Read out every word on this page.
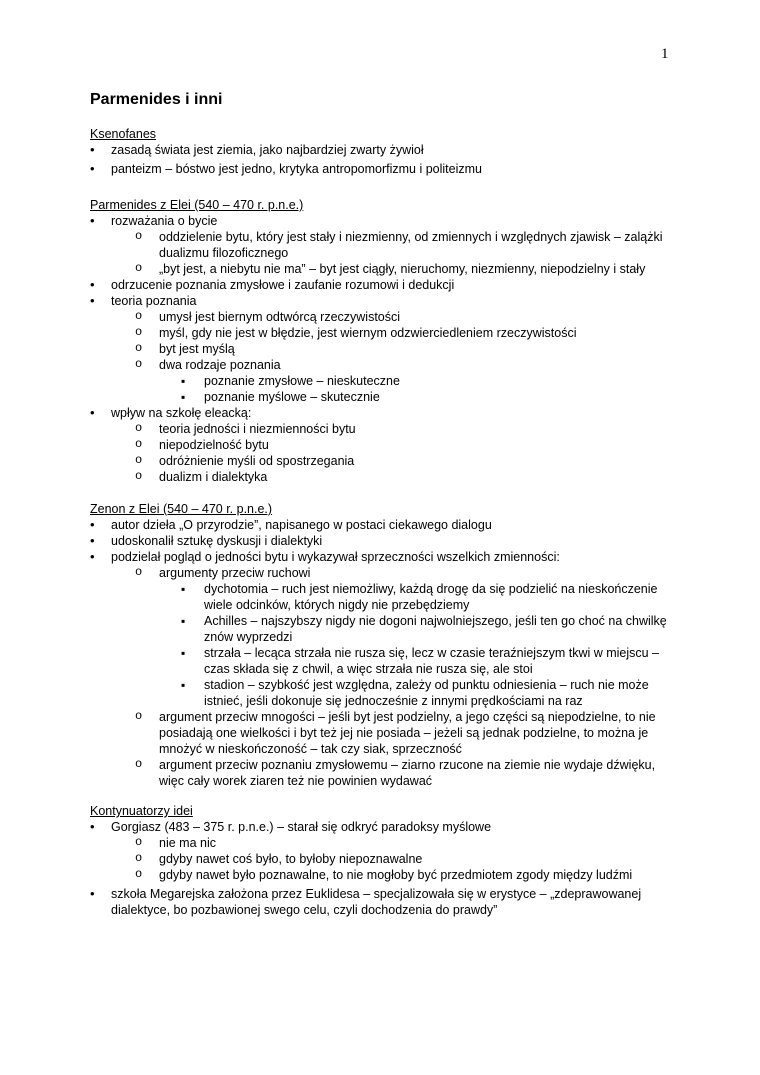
1
Parmenides i inni
Ksenofanes
• zasadą świata jest ziemia, jako najbardziej zwarty żywioł
• panteizm – bóstwo jest jedno, krytyka antropomorfizmu i politeizmu
Parmenides z Elei (540 – 470 r. p.n.e.)
• rozważania o bycie
o oddzielenie bytu, który jest stały i niezmienny, od zmiennych i względnych zjawisk – zalążki dualizmu filozoficznego
o „byt jest, a niebytu nie ma” – byt jest ciągły, nieruchomy, niezmienny, niepodzielny i stały
• odrzucenie poznania zmysłowe i zaufanie rozumowi i dedukcji
• teoria poznania
o umysł jest biernym odtwórcą rzeczywistości
o myśl, gdy nie jest w błędzie, jest wiernym odzwierciedleniem rzeczywistości
o byt jest myślą
o dwa rodzaje poznania
▪ poznanie zmysłowe – nieskuteczne
▪ poznanie myślowe – skutecznie
• wpływ na szkołę eleacką:
o teoria jedności i niezmienności bytu
o niepodzielność bytu
o odróżnienie myśli od spostrzegania
o dualizm i dialektyka
Zenon z Elei (540 – 470 r. p.n.e.)
• autor dzieła „O przyrodzie”, napisanego w postaci ciekawego dialogu
• udoskonalił sztukę dyskusji i dialektyki
• podzielał pogląd o jedności bytu i wykazywał sprzeczności wszelkich zmienności:
o argumenty przeciw ruchowi
▪ dychotomia – ruch jest niemożliwy, każdą drogę da się podzielić na nieskończenie wiele odcinków, których nigdy nie przebędziemy
▪ Achilles – najszybszy nigdy nie dogoni najwolniejszego, jeśli ten go choć na chwilkę znów wyprzedzi
▪ strzała – lecąca strzała nie rusza się, lecz w czasie teraźniejszym tkwi w miejscu – czas składa się z chwil, a więc strzała nie rusza się, ale stoi
▪ stadion – szybkość jest względna, zależy od punktu odniesienia – ruch nie może istnieć, jeśli dokonuje się jednocześnie z innymi prędkościami na raz
o argument przeciw mnogości – jeśli byt jest podzielny, a jego części są niepodzielne, to nie posiadają one wielkości i byt też jej nie posiada – jeżeli są jednak podzielne, to można je mnożyć w nieskończoność – tak czy siak, sprzeczność
o argument przeciw poznaniu zmysłowemu – ziarno rzucone na ziemie nie wydaje dźwięku, więc cały worek ziaren też nie powinien wydawać
Kontynuatorzy idei
• Gorgiasz (483 – 375 r. p.n.e.) – starał się odkryć paradoksy myślowe
o nie ma nic
o gdyby nawet coś było, to byłoby niepoznawalne
o gdyby nawet było poznawalne, to nie mogłoby być przedmiotem zgody między ludźmi
• szkoła Megarejska założona przez Euklidesa – specjalizowała się w erystyce – „zdeprawowanej dialektyce, bo pozbawionej swego celu, czyli dochodzenia do prawdy”
